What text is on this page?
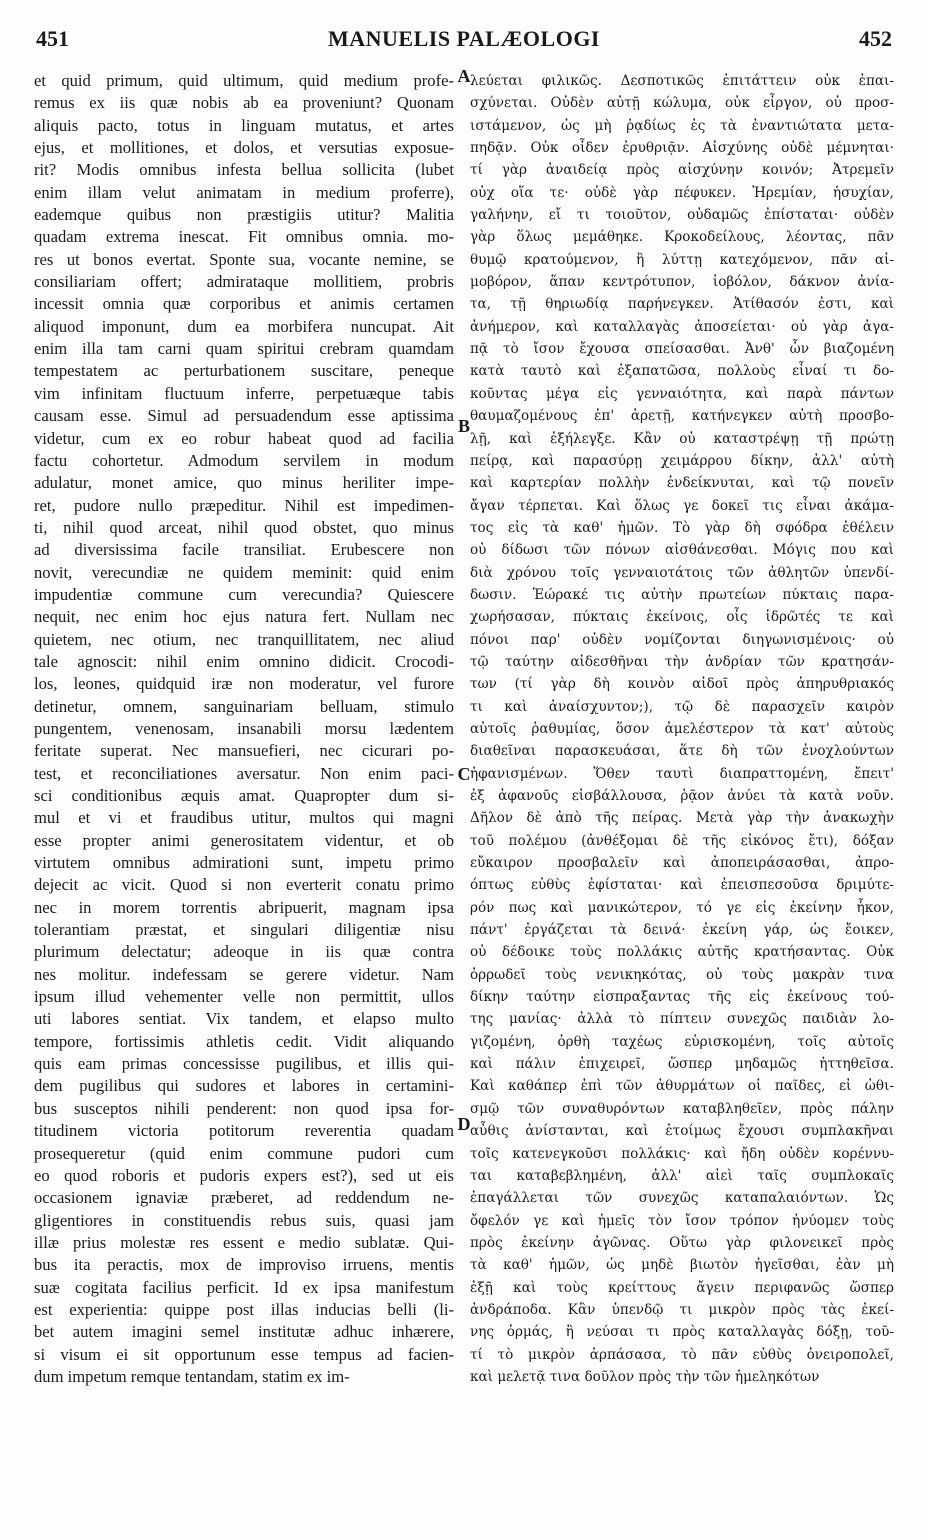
451	MANUELIS PALÆOLOGI	452
et quid primum, quid ultimum, quid medium profe-
remus ex iis quæ nobis ab ea proveniunt? Quonam
aliquis pacto, totus in linguam mutatus, et artes
ejus, et mollitiones, et dolos, et versutias exposue-
rit? Modis omnibus infesta bellua sollicita (lubet
enim illam velut animatam in medium proferre),
eademque quibus non præstigiis utitur? Malitia
quadam extrema inescat. Fit omnibus omnia. mo-
res ut bonos evertat. Sponte sua, vocante nemine, se
consiliariam offert; admirataque mollitiem, probris
incessit omnia quæ corporibus et animis certamen
aliquod imponunt, dum ea morbifera nuncupat. Ait
enim illa tam carni quam spiritui crebram quamdam
tempestatem ac perturbationem suscitare, peneque
vim infinitam fluctuum inferre, perpetuæque tabis
causam esse. Simul ad persuadendum esse aptissima
videtur, cum ex eo robur habeat quod ad facilia
factu cohortetur. Admodum servilem in modum
adulatur, monet amice, quo minus heriliter impe-
ret, pudore nullo præpeditur. Nihil est impedimen-
ti, nihil quod arceat, nihil quod obstet, quo minus
ad diversissima facile transiliat. Erubescere non
novit, verecundiæ ne quidem meminit: quid enim
impudentiæ commune cum verecundia? Quiescere
nequit, nec enim hoc ejus natura fert. Nullam nec
quietem, nec otium, nec tranquillitatem, nec aliud
tale agnoscit: nihil enim omnino didicit. Crocodi-
los, leones, quidquid iræ non moderatur, vel furore
detinetur, omnem, sanguinariam belluam, stimulo
pungentem, venenosam, insanabili morsu lædentem
feritate superat. Nec mansuefieri, nec cicurari po-
test, et reconciliationes aversatur. Non enim paci-
sci conditionibus æquis amat. Quapropter dum si-
mul et vi et fraudibus utitur, multos qui magni
esse propter animi generositatem videntur, et ob
virtutem omnibus admirationi sunt, impetu primo
dejecit ac vicit. Quod si non everterit conatu primo
nec in morem torrentis abripuerit, magnam ipsa
tolerantiam præstat, et singulari diligentiæ nisu
plurimum delectatur; adeoque in iis quæ contra
nes molitur. indefessam se gerere videtur. Nam
ipsum illud vehementer velle non permittit, ullos
uti labores sentiat. Vix tandem, et elapso multo
tempore, fortissimis athletis cedit. Vidit aliquando
quis eam primas concessisse pugilibus, et illis qui-
dem pugilibus qui sudores et labores in certamini-
bus susceptos nihili penderent: non quod ipsa for-
titudinem victoria potitorum reverentia quadam
prosequeretur (quid enim commune pudori cum
eo quod roboris et pudoris expers est?), sed ut eis
occasionem ignaviæ præberet, ad reddendum ne-
gligentiores in constituendis rebus suis, quasi jam
illæ prius molestæ res essent e medio sublatæ. Qui-
bus ita peractis, mox de improviso irruens, mentis
suæ cogitata facilius perficit. Id ex ipsa manifestum
est experientia: quippe post illas inducias belli (li-
bet autem imagini semel institutæ adhuc inhærere,
si visum ei sit opportunum esse tempus ad facien-
dum impetum remque tentandam, statim ex im-
A
B
C
D
λεύεται φιλικῶς. Δεσποτικῶς ἐπιτάττειν οὐκ ἐπαι-
σχύνεται. Οὐδὲν αὐτῇ κώλυμα, οὐκ εἶργον, οὐ προσ-
ιστάμενον, ὡς μὴ ῥᾳδίως ἐς τὰ ἐναντιώτατα μετα-
πηδᾷν. Οὐκ οἶδεν ἐρυθριᾷν. Αἰσχύνης οὐδὲ μέμνηται·
τί γὰρ ἀναιδείᾳ πρὸς αἰσχύνην κοινόν; Ἀτρεμεῖν
οὐχ οἵα τε· οὐδὲ γὰρ πέφυκεν. Ἠρεμίαν, ἡσυχίαν,
γαλήνην, εἴ τι τοιοῦτον, οὐδαμῶς ἐπίσταται· οὐδὲν
γὰρ ὅλως μεμάθηκε. Κροκοδείλους, λέοντας, πᾶν
θυμῷ κρατούμενον, ἢ λύττῃ κατεχόμενον, πᾶν αἱ-
μοβόρον, ἅπαν κεντρότυπον, ἰοβόλον, δάκνον ἀνία-
τα, τῇ θηριωδίᾳ παρήνεγκεν. Ἀτίθασόν ἐστι, καὶ
ἀνήμερον, καὶ καταλλαγὰς ἀποσείεται· οὐ γὰρ ἀγα-
πᾷ τὸ ἴσον ἔχουσα σπείσασθαι. Ἀνθ' ὧν βιαζομένη
κατὰ ταυτὸ καὶ ἐξαπατῶσα, πολλοὺς εἶναί τι δο-
κοῦντας μέγα εἰς γενναιότητα, καὶ παρὰ πάντων
θαυμαζομένους ἐπ' ἀρετῇ, κατήνεγκεν αὐτὴ προσβο-
λῇ, καὶ ἐξήλεγξε. Κἂν οὐ καταστρέψῃ τῇ πρώτῃ
πείρᾳ, καὶ παρασύρῃ χειμάρρου δίκην, ἀλλ' αὐτὴ
καὶ καρτερίαν πολλὴν ἐνδείκνυται, καὶ τῷ πονεῖν
ἄγαν τέρπεται. Καὶ ὅλως γε δοκεῖ τις εἶναι ἀκάμα-
τος εἰς τὰ καθ' ἡμῶν. Τὸ γὰρ δὴ σφόδρα ἐθέλειν
οὐ δίδωσι τῶν πόνων αἰσθάνεσθαι. Μόγις που καὶ
διὰ χρόνου τοῖς γενναιοτάτοις τῶν ἀθλητῶν ὑπενδί-
δωσιν. Ἑώρακέ τις αὐτὴν πρωτείων πύκταις παρα-
χωρήσασαν, πύκταις ἐκείνοις, οἷς ἱδρῶτές τε καὶ
πόνοι παρ' οὐδὲν νομίζονται διηγωνισμένοις· οὐ
τῷ ταύτην αἰδεσθῆναι τὴν ἀνδρίαν τῶν κρατησάν-
των (τί γὰρ δὴ κοινὸν αἰδοῖ πρὸς ἀπηρυθριακός
τι καὶ ἀναίσχυντον;), τῷ δὲ παρασχεῖν καιρὸν
αὐτοῖς ῥαθυμίας, ὅσον ἀμελέστερον τὰ κατ' αὐτοὺς
διαθεῖναι παρασκευάσαι, ἅτε δὴ τῶν ἐνοχλούντων
ἠφανισμένων. Ὅθεν ταυτὶ διαπραττομένη, ἔπειτ'
ἐξ ἀφανοῦς εἰσβάλλουσα, ῥᾷον ἀνύει τὰ κατὰ νοῦν.
Δῆλον δὲ ἀπὸ τῆς πείρας. Μετὰ γὰρ τὴν ἀνακωχὴν
τοῦ πολέμου (ἀνθέξομαι δὲ τῆς εἰκόνος ἔτι), δόξαν
εὔκαιρον προσβαλεῖν καὶ ἀποπειράσασθαι, ἀπρο-
όπτως εὐθὺς ἐφίσταται· καὶ ἐπεισπεσοῦσα δριμύτε-
ρόν πως καὶ μανικώτερον, τό γε εἰς ἐκείνην ἧκον,
πάντ' ἐργάζεται τὰ δεινά· ἐκείνη γάρ, ὡς ἔοικεν,
οὐ δέδοικε τοὺς πολλάκις αὐτῆς κρατήσαντας. Οὐκ
ὀρρωδεῖ τοὺς νενικηκότας, οὐ τοὺς μακρὰν τινα
δίκην ταύτην εἰσπραξαντας τῆς εἰς ἐκείνους τού-
της μανίας· ἀλλὰ τὸ πίπτειν συνεχῶς παιδιὰν λο-
γιζομένη, ὀρθὴ ταχέως εὑρισκομένη, τοῖς αὐτοῖς
καὶ πάλιν ἐπιχειρεῖ, ὥσπερ μηδαμῶς ἡττηθεῖσα.
Καὶ καθάπερ ἐπὶ τῶν ἀθυρμάτων οἱ παῖδες, εἰ ὠθι-
σμῷ τῶν συναθυρόντων καταβληθεῖεν, πρὸς πάλην
αὖθις ἀνίστανται, καὶ ἑτοίμως ἔχουσι συμπλακῆναι
τοῖς κατενεγκοῦσι πολλάκις· καὶ ἤδη οὐδὲν κορέννυ-
ται καταβεβλημένη, ἀλλ' αἰεὶ ταῖς συμπλοκαῖς
ἐπαγάλλεται τῶν συνεχῶς καταπαλαιόντων. Ὡς
ὄφελόν γε καὶ ἡμεῖς τὸν ἴσον τρόπον ἠνύομεν τοὺς
πρὸς ἐκείνην ἀγῶνας. Οὕτω γὰρ φιλονεικεῖ πρὸς
τὰ καθ' ἡμῶν, ὡς μηδὲ βιωτὸν ἡγεῖσθαι, ἐὰν μὴ
ἐξῇ καὶ τοὺς κρείττους ἄγειν περιφανῶς ὥσπερ
ἀνδράποδα. Κἂν ὑπενδῷ τι μικρὸν πρὸς τὰς ἐκεί-
νης ὁρμάς, ἢ νεύσαι τι πρὸς καταλλαγὰς δόξῃ, τοῦ-
τί τὸ μικρὸν ἁρπάσασα, τὸ πᾶν εὐθὺς ὀνειροπολεῖ,
καὶ μελετᾷ τινα δοῦλον πρὸς τὴν τῶν ἡμεληκότων
